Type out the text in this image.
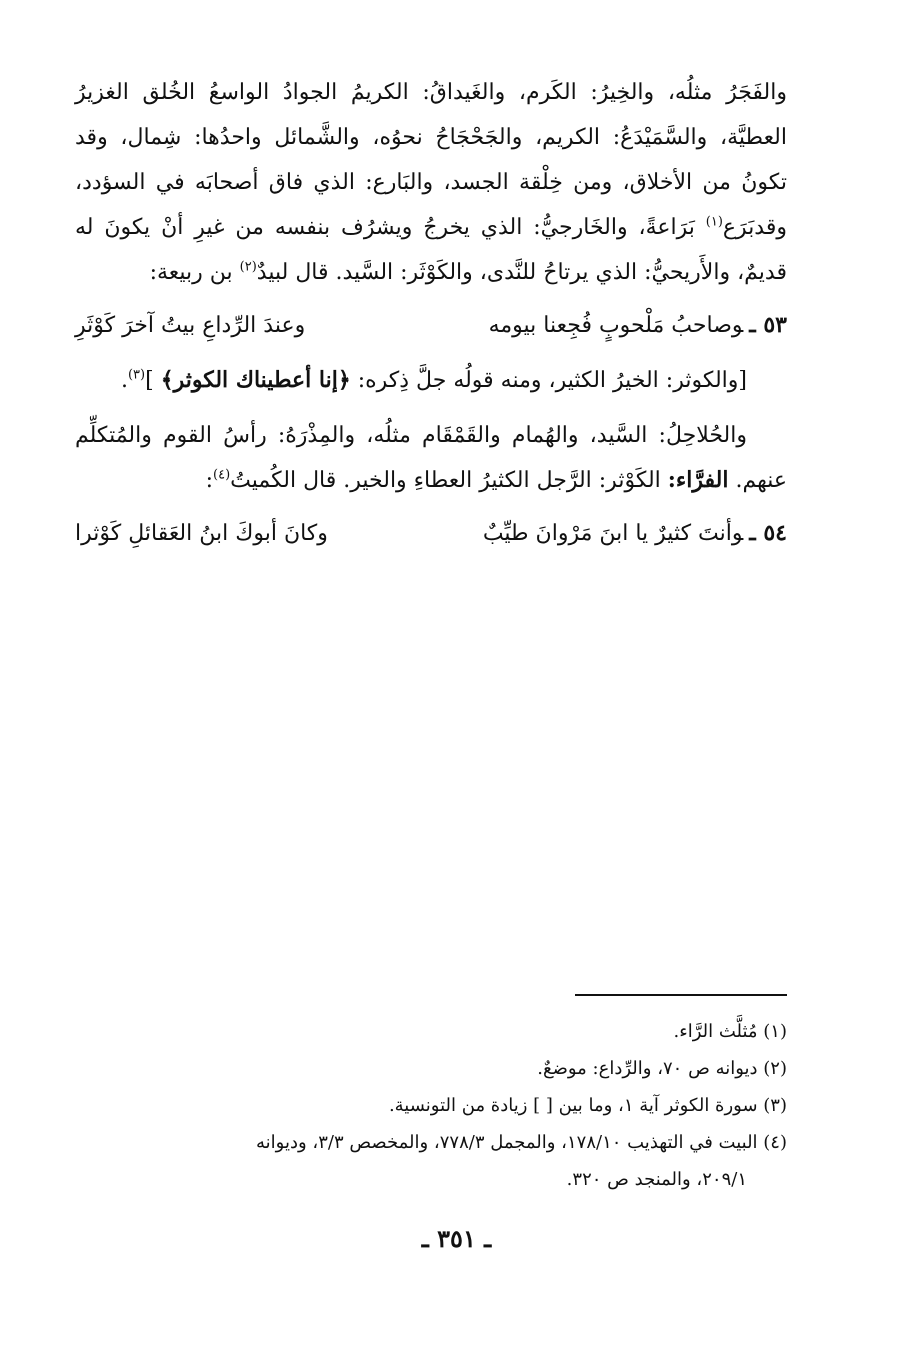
والفَجَرُ مثلُه، والخِيرُ: الكَرم، والغَيداقُ: الكريمُ الجوادُ الواسعُ الخُلق الغزيرُ العطيَّة، والسَّمَيْدَعُ: الكريم، والجَحْجَاحُ نحوُه، والشَّمائل واحدُها: شِمال، وقد تكونُ من الأخلاق، ومن خِلْقة الجسد، والبَارع: الذي فاق أصحابَه في السؤدد، وقدبَرَع$^{(١)}$ بَرَاعةً، والخَارجيُّ: الذي يخرجُ ويشرُف بنفسه من غيرِ أنْ يكونَ له قديمٌ، والأَريحيُّ: الذي يرتاحُ للنَّدى، والكَوْثَر: السَّيد. قال لبيدٌ$^{(٢)}$ بن ربيعة:

٥٣ ـوصاحبُ مَلْحوبٍ فُجِعنا بيومه
وعندَ الرِّداعِ بيتُ آخرَ كَوْثَرِ

[والكوثر: الخيرُ الكثير، ومنه قولُه جلَّ ذِكره: ﴿إنا أعطيناك الكوثر﴾ ]$^{(٣)}$.

والحُلاحِلُ: السَّيد، والهُمام والقَمْقَام مثلُه، والمِذْرَهُ: رأسُ القوم والمُتكلِّم عنهم. الفرَّاء: الكَوْثر: الرَّجل الكثيرُ العطاءِ والخير. قال الكُميتُ$^{(٤)}$:

٥٤ ـوأنتَ كثيرٌ يا ابنَ مَرْوانَ طيِّبٌ
وكانَ أبوكَ ابنُ العَقائلِ كَوْثرا

(١) مُثلَّث الرَّاء.

(٢) ديوانه ص ٧٠، والرِّداع: موضعٌ.

(٣) سورة الكوثر آية ١، وما بين [ ] زيادة من التونسية.

(٤) البيت في التهذيب ١٧٨/١٠، والمجمل ٧٧٨/٣، والمخصص ٣/٣، وديوانه

٢٠٩/١، والمنجد ص ٣٢٠.

ـ ٣٥١ ـ
